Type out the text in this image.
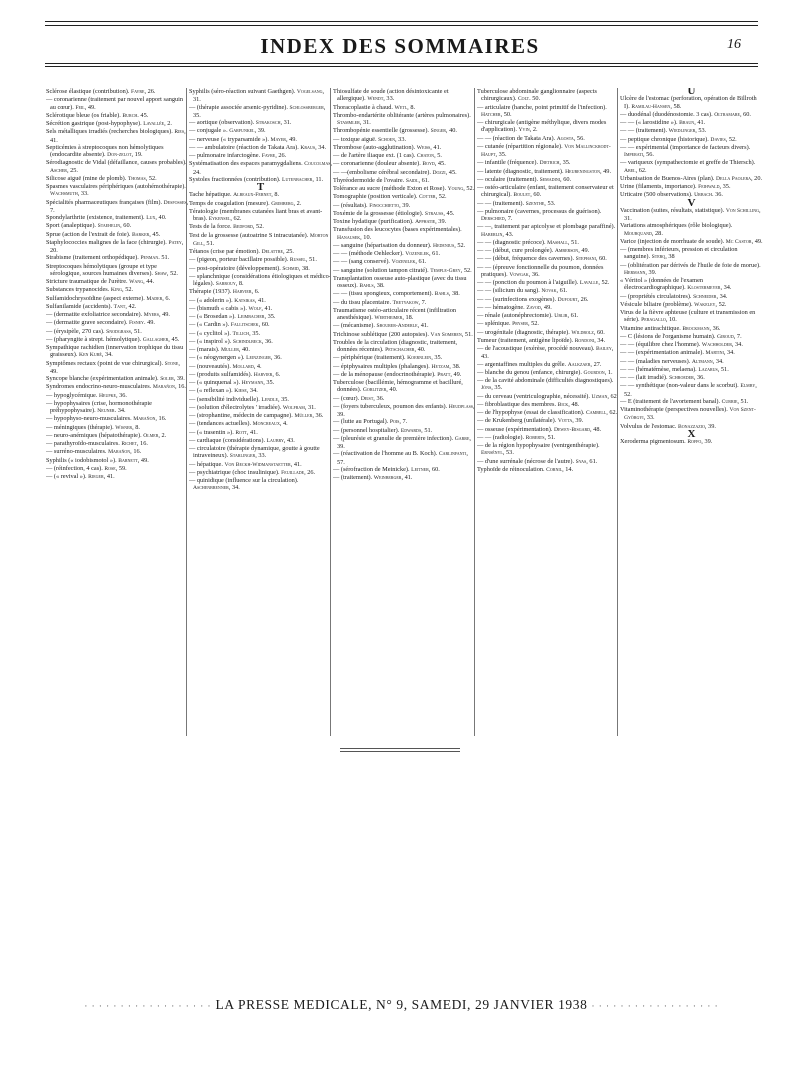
INDEX DES SOMMAIRES	16

Sclérose élastique (contribution). Favre, 26.

— coronarienne (traitement par nouvel apport sanguin au cœur). Feil, 49.

Sclérotique bleue (os friable). Burch. 45.

Sécrétion gastrique (post-hypophyse). Lavallée, 2.

Sels métalliques irradiés (recherches biologiques). Ries, 41.

Septicémies à streptocoques non hémolytiques (endocardite absente). Don-zelot, 19.

Sérodiagnostic de Vidal (défaillance, causes probables). Ascher, 25.

Silicose aiguë (mine de plomb). Thomas, 52.

Spasmes vasculaires périphériques (autohémothérapie). Wachsmuth, 33.

Spécialités pharmaceutiques françaises (film). Desfosses, 7.

Spondylarthrite (existence, traitement). Lux, 40.

Sport (analeptique). Staehelin, 60.

Sprue (action de l'extrait de foie). Barker, 45.

Staphylococcies malignes de la face (chirurgie). Patey, 20.

Strabisme (traitement orthopédique). Penman. 51.

Streptocoques hémolytiques (groupe et type sérologique, sources humaines diverses). Shaw, 52.

Stricture traumatique de l'urètre. Wang, 44.

Substances trypanocides. King, 52.

Sulfamidochrysoïdine (aspect externe). Mader, 6.

Sulfanilamide (accidents). Tant, 42.

— (dermatite exfoliatrice secondaire). Myers, 49.

— (dermatite grave secondaire). Fisney. 49.

— (érysipèle, 270 cas). Snodgrass, 51.

— (pharyngite à strept. hémolytique). Gallagher, 45.

Sympathique rachidien (innervation trophique du tissu graisseux). Ken Kuré, 34.

Symptômes rectaux (point de vue chirurgical). Stone, 49.

Syncope blanche (expérimentation animale). Soler, 39.

Syndromes endocrino-neuro-musculaires. Marañon, 16.

— hypoglycémique. Heupke, 36.

— hypophysaires (crise, hormonothérapie préhypophysaire). Neuner. 34.

— hypophyso-neuro-musculaires. Marañon, 16.

— méningiques (thérapie). Wisner, 8.

— neuro-anémiques (hépatothérapie). Olmer, 2.

— parathyroïdo-musculaires. Richet, 16.

— surréno-musculaires. Marañon, 16.

Syphilis (« iodobismotol »). Barnett, 49.

— (réinfection, 4 cas). Rose, 59.

— (« revival »). Rieger, 41.

Syphilis (séro-réaction suivant Gaethgen). Vogelsang, 31.

— (thérapie associée arsenic-pyridine). Schlossberger, 35.

— aortique (observation). Strakosch, 31.

— conjugale ». Garfunkel, 39.

— nerveuse (« tryparsamide »). Mayer, 49.

— — ambulatoire (réaction de Takata Ara). Kraus, 34.

— pulmonaire infarctogène. Favre, 26.

Systématisation des espaces paramygdaliens. Coucolmas, 24.

Systoles fractionnées (contribution). Lutenbacher, 11.

T

Tache hépatique. Albeaux-Fernet, 8.

Temps de coagulation (mesure). Grimberg, 2.

Tératologie (membranes cutanées liant bras et avant-bras). Eykensel, 62.

Tests de la force. Bedford, 52.

Test de la grossesse (autoatrine S intracutanée). Morton Gill, 51.

Tétanos (crise par émotion). Delattre, 25.

— (pigeon, porteur bacillaire possible). Russel, 51.

— post-opératoire (développement). Schmid, 38.

— splanchnique (considérations étiologiques et médico-légales). Sarrouy, 8.

Thérapie (1937). Harvier, 6.

— (« adolerin »). Katsikas, 41.

— (bismuth « cabis »). Wolf, 41.

— (« Brosedan »). Leimbacher, 35.

— (« Cardin »). Fallitschek, 60.

— (« cyclitol »). Tillich, 35.

— (« inspirol »). Schindlbeck, 36.

— (marais). Muller, 40.

— (« néogynergen »). Leinzinger, 36.

— (nouveautés). Mollard, 4.

— (produits sulfamidés). Harvier, 6.

— (« quinquenal »). Heymann, 35.

— (« reflexan »). Kiese, 34.

— (sensibilité individuelle). Lendle, 35.

— (solution d'électrolytes ' irradiée). Wolfram, 31.

— (strophantine, médecin de campagne). Müller, 36.

— (tendances actuelles). Moncreaux, 4.

— (« trasentin »). Rott, 41.

— cardiaque (considérations). Laubry, 43.

— circulatoire (thérapie dynamique, goutte à goutte intraveineux). Starlinger, 33.

— hépatique. Von Beckh-Widmanstaetter, 41.

— psychiatrique (choc insulinique). Feuillade, 26.

— quinidique (influence sur la circulation). Aschenbrenner, 34.

Thiosulfate de soude (action désintoxicante et allergique). Wendt, 33.

Thoracoplastie à chaud. Wetl, 8.

Thrombo-endartérite oblitérante (artères pulmonaires). Stammler, 31.

Thrombopénie essentielle (grossesse). Singer, 40.

— toxique aiguë. Schoen, 33.

Thrombose (auto-agglutination). Weiss, 41.

— de l'artère iliaque ext. (1 cas). Chaton, 5.

— coronarienne (douleur absente). Boyd, 45.

— —(embolisme cérébral secondaire). Dozzi, 45.

Thyréodermoïde de l'ovaire. Saidl, 61.

Tolérance au sucre (méthode Exton et Rose). Young, 52.

Tomographie (position verticale). Cotter, 52.

— (résultats). Finocchietto, 39.

Toxémie de la grossesse (étiologie). Strauss, 45.

Toxine hydatique (purification). Apphatie, 39.

Transfusion des leucocytes (bases expérimentales). Hanausek, 10.

— sanguine (héparisation du donneur). Hedenius, 52.

— — (méthode Oehlecker). Vozenilek, 61.

— — (sang conservé). Vozenilek, 61.

— sanguine (solution tampon citraté). Temple-Grey, 52.

Transplantation osseuse auto-plastique (avec du tissu osseux). Bahls, 38.

— — (tissu spongieux, comportement). Bahls, 38.

— du tissu placentaire. Tretyakow, 7.

Traumatisme ostéo-articulaire récent (infiltration anesthésique). Wertheimer, 18.

— (mécanisme). Sbourer-Anderle, 41.

Trichinose sublétique (200 autopsies). Van Someren, 51.

Troubles de la circulation (diagnostic, traitement, données récentes). Petschacher, 40.

— périphérique (traitement). Koernlein, 35.

— épiphysaires multiples (phalanges). Hetzam, 38.

— de la ménopause (endocrinothérapie). Pratt, 49.

Tuberculose (bacillémie, hémogramme et bacilluré, données). Gorlitzer, 40.

— (cœur). Deist, 36.

— (foyers tuberculeux, poumon des enfants). Heudplass, 39.

— (lutte au Portugal). Pois, 7.

— (personnel hospitalier). Edwards, 51.

— (pleurésie et granulie de première infection). Garre, 39.

— (réactivation de l'homme au B. Koch). Carlinfanti, 57.

— (sérofraction de Meinicke). Leitner, 60.

— (traitement). Weinberger, 41.

Tuberculose abdominale ganglionnaire (aspects chirurgicaux). Colt. 50.

— articulaire (hanche, point primitif de l'infection). Hatcher, 50.

— chirurgicale (antigène méthylique, divers modes d'application). Yvin, 2.

— — (réaction de Takata Ara). Agosta, 56.

— cutanée (répartition régionale). Von Mallinckrodt-Haupt, 35.

— infantile (fréquence). Dietrich, 35.

— latente (diagnostic, traitement). Heubeningston, 49.

— oculaire (traitement). Semadini, 60.

— ostéo-articulaire (enfant, traitement conservateur et chirurgical). Boulet, 60.

— — (traitement). Szenthe, 53.

— pulmonaire (cavernes, processus de guérison). Derschied, 7.

— —, traitement par apicolyse et plombage paraffiné). Haberlin, 43.

— — (diagnostic précoce). Mashall, 51.

— — (début, cure prolongée). Amberson, 49.

— — (début, fréquence des cavernes). Stephani, 60.

— — (épreuve fonctionnelle du poumon, données pratiques). Vowgak, 36.

— — (ponction du poumon à l'aiguille). Lavalle, 52.

— — (silicium du sang). Novak, 61.

— — (surinfections exogènes). Dufourt, 26.

— — hématogène. Zavod, 49.

— rénale (autonéphrectomie). Ublir, 61.

— splénique. Pryser, 52.

— urogénitale (diagnostic, thérapie). Wildbolz, 60.

Tumeur (traitement, antigène lipoïde). Rondoni, 34.

— de l'acoustique (exérèse, procédé nouveau). Bailey, 43.

— argentaffines multiples du grêle. Aalkzaer, 27.

— blanche du genou (enfance, chirurgie). Gourdon, 1.

— de la cavité abdominale (difficultés diagnostiques). Jöns, 35.

— du cerveau (ventriculographie, nécessité). Uzman, 62.

— fibroblastique des membres. Bick, 48.

— de l'hypophyse (essai de classification). Cambell, 62.

— de Krukenberg (unilatérale). Votta, 39.

— osseuse (expérimentation). Dewey-Bisgard, 48.

— — (radiologie). Roberts, 51.

— de la région hypophysaire (ventrgenthérapie). Ernsényl, 53.

— d'une surrénale (nécrose de l'autre). Syas, 61.

Typhoïde de réinoculation. Cornil, 14.

U

Ulcère de l'estomac (perforation, opération de Billroth I). Ramilau-Hansen, 58.

— duodénal (duodénostomie. 3 cas). Oltramare, 60.

— — (« larostidine »). Braun, 41.

— — (traitement). Wiedlinger, 53.

— peptique chronique (historique). Davies, 52.

— — expérimental (importance de facteurs divers). Imperati, 56.

— variqueux (sympathectomie et greffe de Thiersch). Abel, 62.

Urbanisation de Buenos-Aires (plan). Della Paolera, 20.

Urine (filaments, importance). Feihwald, 35.

Urticaire (500 observations). Urbach. 36.

V

Vaccination (suites, résultats, statistique). Von Schilling, 31.

Variations atmosphériques (rôle biologique). Mourquand, 28.

Varice (injection de morrhuate de soude). Mc Castor, 49.

— (membres inférieurs, pression et circulation sanguine). Sterq, 38

— (oblitération par dérivés de l'huile de foie de morue). Hermann, 39.

« Véritol » (données de l'examen électrocardiographique). Klostermeyer, 34.

— (propriétés circulatoires). Schneider, 34.

Vésicule biliaire (problème). Wakeley, 52.

Virus de la fièvre aphteuse (culture et transmission en série). Peragallo, 10.

Vitamine antirachitique. Brockmann, 36.

— C (lésions de l'organisme humain). Giroud, 7.

— — (équilibre chez l'homme). Wachholder, 34.

— — (expérimentation animale). Martini, 34.

— — (maladies nerveuses). Altmann, 34.

— — (hématémèse, melaena). Lazarus, 51.

— — (lait irradié). Schroeder, 36.

— — synthétique (non-valeur dans le scorbut). Elmby, 52.

— E (traitement de l'avortement banal). Currie, 51.

Vitaminothérapie (perspectives nouvelles). Von Szent-Györgyi, 33.

Volvulus de l'estomac. Bonazzazio, 39.

X

Xeroderma pigmentosum. Roffo, 39.

· · · · · · · · · · · · · · · · · · LA PRESSE MEDICALE, N° 9, SAMEDI, 29 JANVIER 1938 · · · · · · · · · · · · · · · · · ·
